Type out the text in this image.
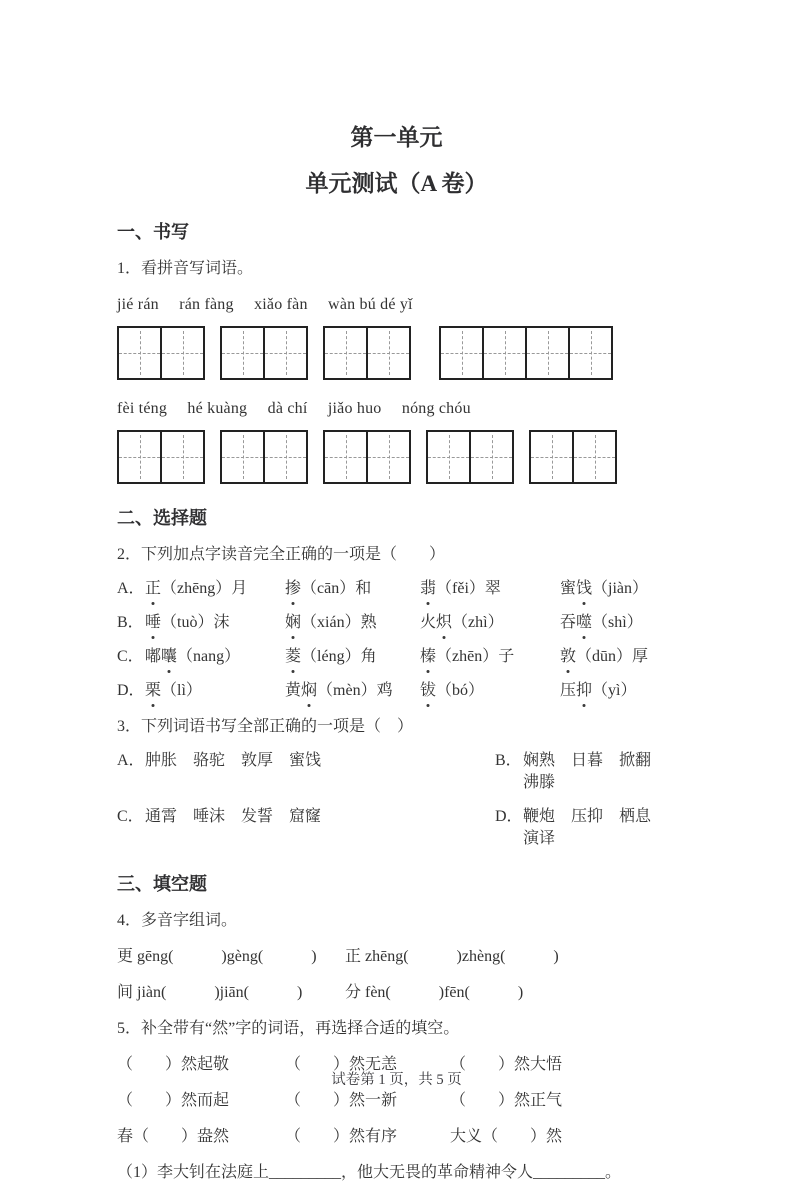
第一单元
单元测试（A 卷）
一、书写
1．看拼音写词语。
jié rán　 rán fàng　 xiǎo fàn　 wàn bú dé yǐ
fèi téng　 hé kuàng　 dà chí　 jiǎo huo　 nóng chóu
二、选择题
2．下列加点字读音完全正确的一项是（　　）
A． 正（zhēng）月	掺（cān）和	翡（fěi）翠	蜜饯（jiàn）
B． 唾（tuò）沫	娴（xián）熟	火炽（zhì）	吞噬（shì）
C． 嘟囔（nang）	菱（léng）角	榛（zhēn）子	敦（dūn）厚
D． 栗（lì）	黄焖（mèn）鸡	钹（bó）	压抑（yì）
3．下列词语书写全部正确的一项是（　）
A． 肿胀　骆驼　敦厚　蜜饯	B． 娴熟　日暮　掀翻　沸滕
C． 通霄　唾沫　发誓　窟窿	D． 鞭炮　压抑　栖息　演译
三、填空题
4．多音字组词。
更 gēng(　　　)gèng(　　　)	正 zhēng(　　　)zhèng(　　　)
间 jiàn(　　　)jiān(　　　)	分 fèn(　　　)fēn(　　　)
5．补全带有“然”字的词语，再选择合适的填空。
（　　）然起敬	（　　）然无恙	（　　）然大悟
（　　）然而起	（　　）然一新	（　　）然正气
春（　　）盎然	（　　）然有序	大义（　　）然
（1）李大钊在法庭上_________，他大无畏的革命精神令人_________。
试卷第 1 页，共 5 页
